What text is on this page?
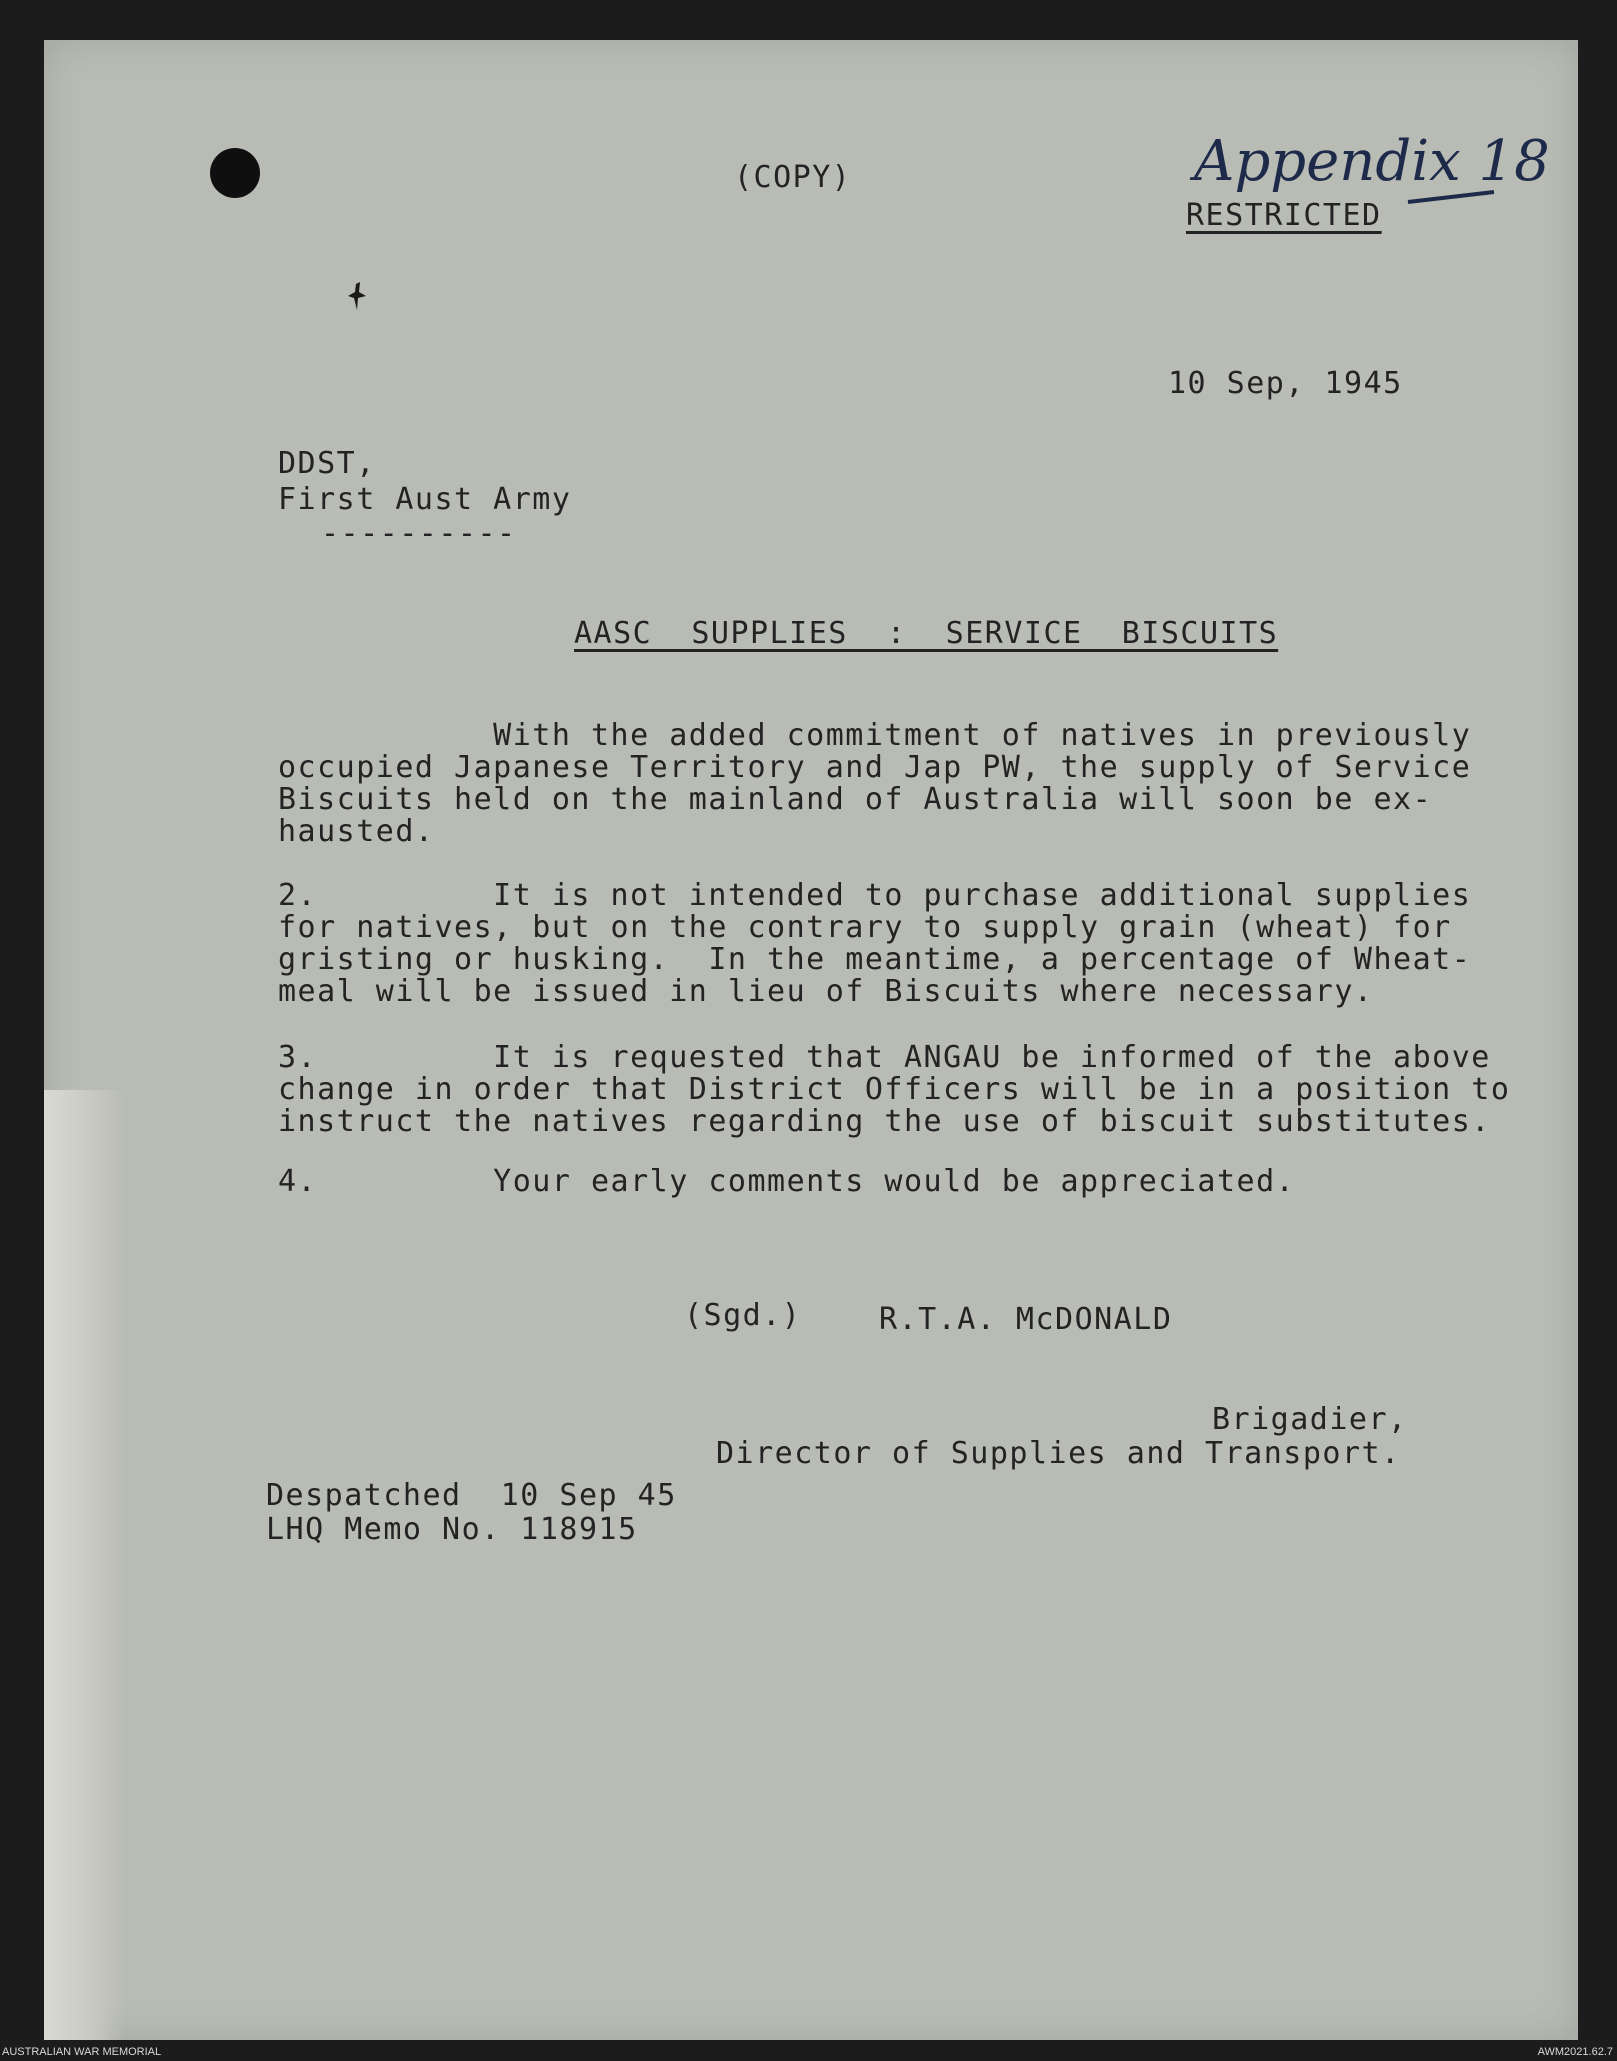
Appendix 18
(COPY)
RESTRICTED
10 Sep, 1945
DDST,
First Aust Army
----------
AASC  SUPPLIES  :  SERVICE  BISCUITS
With the added commitment of natives in previously
occupied Japanese Territory and Jap PW, the supply of Service
Biscuits held on the mainland of Australia will soon be ex-
hausted.
2.         It is not intended to purchase additional supplies
for natives, but on the contrary to supply grain (wheat) for
gristing or husking.  In the meantime, a percentage of Wheat-
meal will be issued in lieu of Biscuits where necessary.
3.         It is requested that ANGAU be informed of the above
change in order that District Officers will be in a position to
instruct the natives regarding the use of biscuit substitutes.
4.         Your early comments would be appreciated.
(Sgd.)	R.T.A. McDONALD
Brigadier,
Director of Supplies and Transport.
Despatched  10 Sep 45
LHQ Memo No. 118915
AUSTRALIAN WAR MEMORIAL	AWM2021.62.7
